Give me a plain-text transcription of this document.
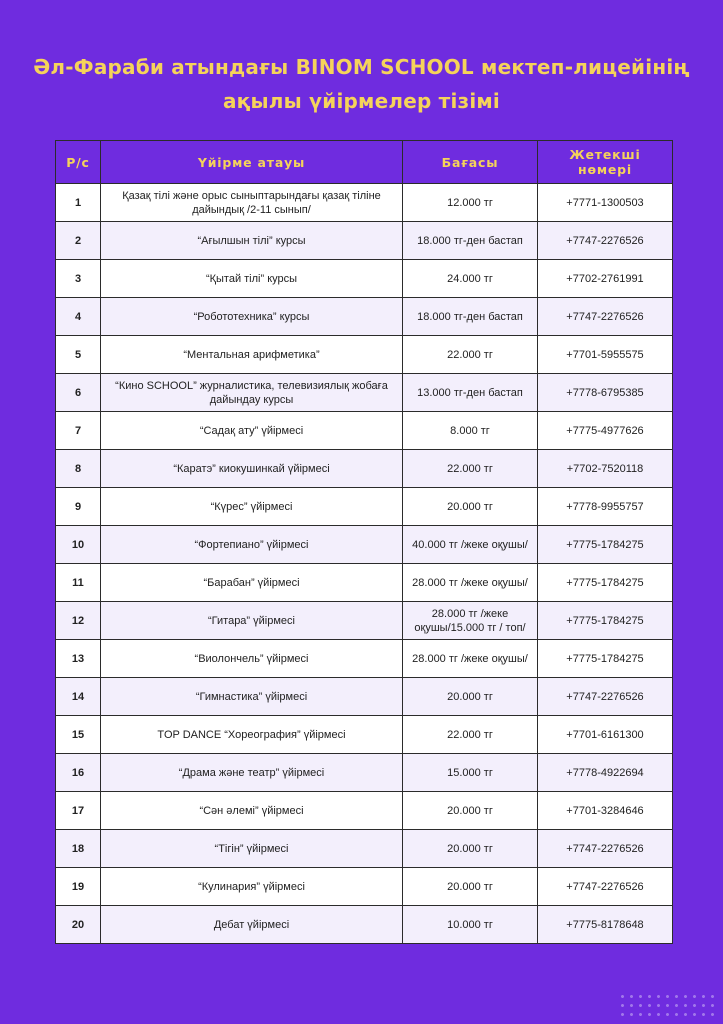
Әл-Фараби атындағы BINOM SCHOOL мектеп-лицейінің
ақылы үйірмелер тізімі
Р/с	Үйірме атауы	Бағасы	Жетекші нөмері
1	Қазақ тілі және орыс сыныптарындағы қазақ тіліне дайындық /2-11 сынып/	12.000 тг	+7771-1300503
2	“Ағылшын тілі” курсы	18.000 тг-ден бастап	+7747-2276526
3	“Қытай тілі” курсы	24.000 тг	+7702-2761991
4	“Робототехника” курсы	18.000 тг-ден бастап	+7747-2276526
5	“Ментальная арифметика”	22.000 тг	+7701-5955575
6	“Кино SCHOOL” журналистика, телевизиялық жобаға дайындау курсы	13.000 тг-ден бастап	+7778-6795385
7	“Садақ ату” үйірмесі	8.000 тг	+7775-4977626
8	“Каратэ” киокушинкай үйірмесі	22.000 тг	+7702-7520118
9	“Күрес” үйірмесі	20.000 тг	+7778-9955757
10	“Фортепиано” үйірмесі	40.000 тг /жеке оқушы/	+7775-1784275
11	“Барабан” үйірмесі	28.000 тг /жеке оқушы/	+7775-1784275
12	“Гитара” үйірмесі	28.000 тг /жеке оқушы/15.000 тг / топ/	+7775-1784275
13	“Виолончель” үйірмесі	28.000 тг /жеке оқушы/	+7775-1784275
14	“Гимнастика” үйірмесі	20.000 тг	+7747-2276526
15	TOP DANCE “Хореография” үйірмесі	22.000 тг	+7701-6161300
16	“Драма және театр” үйірмесі	15.000 тг	+7778-4922694
17	“Сән әлемі” үйірмесі	20.000 тг	+7701-3284646
18	“Тігін” үйірмесі	20.000 тг	+7747-2276526
19	“Кулинария” үйірмесі	20.000 тг	+7747-2276526
20	Дебат үйірмесі	10.000 тг	+7775-8178648
